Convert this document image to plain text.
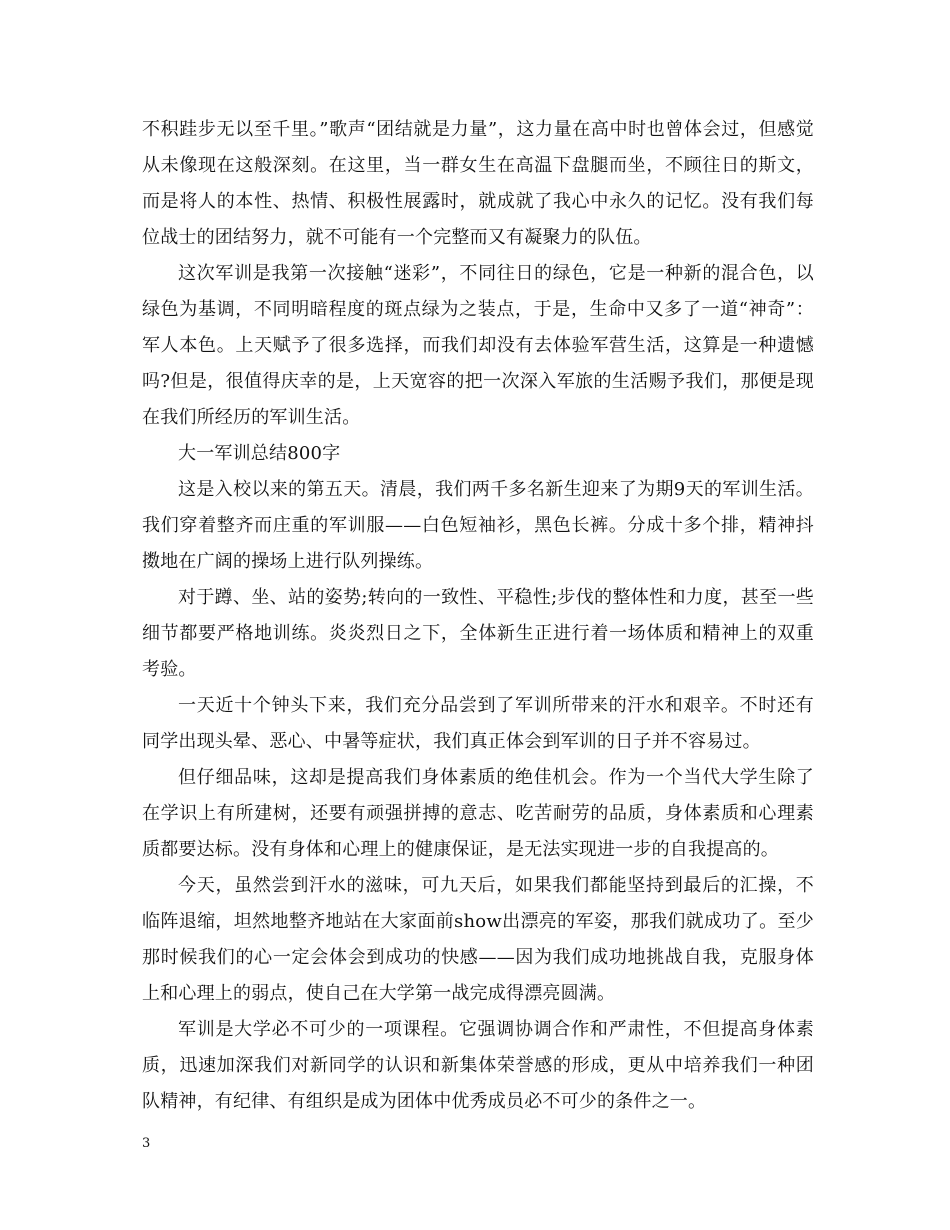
不积跬步无以至千里。”歌声“团结就是力量”，这力量在高中时也曾体会过，但感觉从未像现在这般深刻。在这里，当一群女生在高温下盘腿而坐，不顾往日的斯文，而是将人的本性、热情、积极性展露时，就成就了我心中永久的记忆。没有我们每位战士的团结努力，就不可能有一个完整而又有凝聚力的队伍。

这次军训是我第一次接触“迷彩”，不同往日的绿色，它是一种新的混合色，以绿色为基调，不同明暗程度的斑点绿为之装点，于是，生命中又多了一道“神奇”：军人本色。上天赋予了很多选择，而我们却没有去体验军营生活，这算是一种遗憾吗?但是，很值得庆幸的是，上天宽容的把一次深入军旅的生活赐予我们，那便是现在我们所经历的军训生活。

大一军训总结800字

这是入校以来的第五天。清晨，我们两千多名新生迎来了为期9天的军训生活。我们穿着整齐而庄重的军训服——白色短袖衫，黑色长裤。分成十多个排，精神抖擞地在广阔的操场上进行队列操练。

对于蹲、坐、站的姿势;转向的一致性、平稳性;步伐的整体性和力度，甚至一些细节都要严格地训练。炎炎烈日之下，全体新生正进行着一场体质和精神上的双重考验。

一天近十个钟头下来，我们充分品尝到了军训所带来的汗水和艰辛。不时还有同学出现头晕、恶心、中暑等症状，我们真正体会到军训的日子并不容易过。

但仔细品味，这却是提高我们身体素质的绝佳机会。作为一个当代大学生除了在学识上有所建树，还要有顽强拼搏的意志、吃苦耐劳的品质，身体素质和心理素质都要达标。没有身体和心理上的健康保证，是无法实现进一步的自我提高的。

今天，虽然尝到汗水的滋味，可九天后，如果我们都能坚持到最后的汇操，不临阵退缩，坦然地整齐地站在大家面前show出漂亮的军姿，那我们就成功了。至少那时候我们的心一定会体会到成功的快感——因为我们成功地挑战自我，克服身体上和心理上的弱点，使自己在大学第一战完成得漂亮圆满。

军训是大学必不可少的一项课程。它强调协调合作和严肃性，不但提高身体素质，迅速加深我们对新同学的认识和新集体荣誉感的形成，更从中培养我们一种团队精神，有纪律、有组织是成为团体中优秀成员必不可少的条件之一。

3
